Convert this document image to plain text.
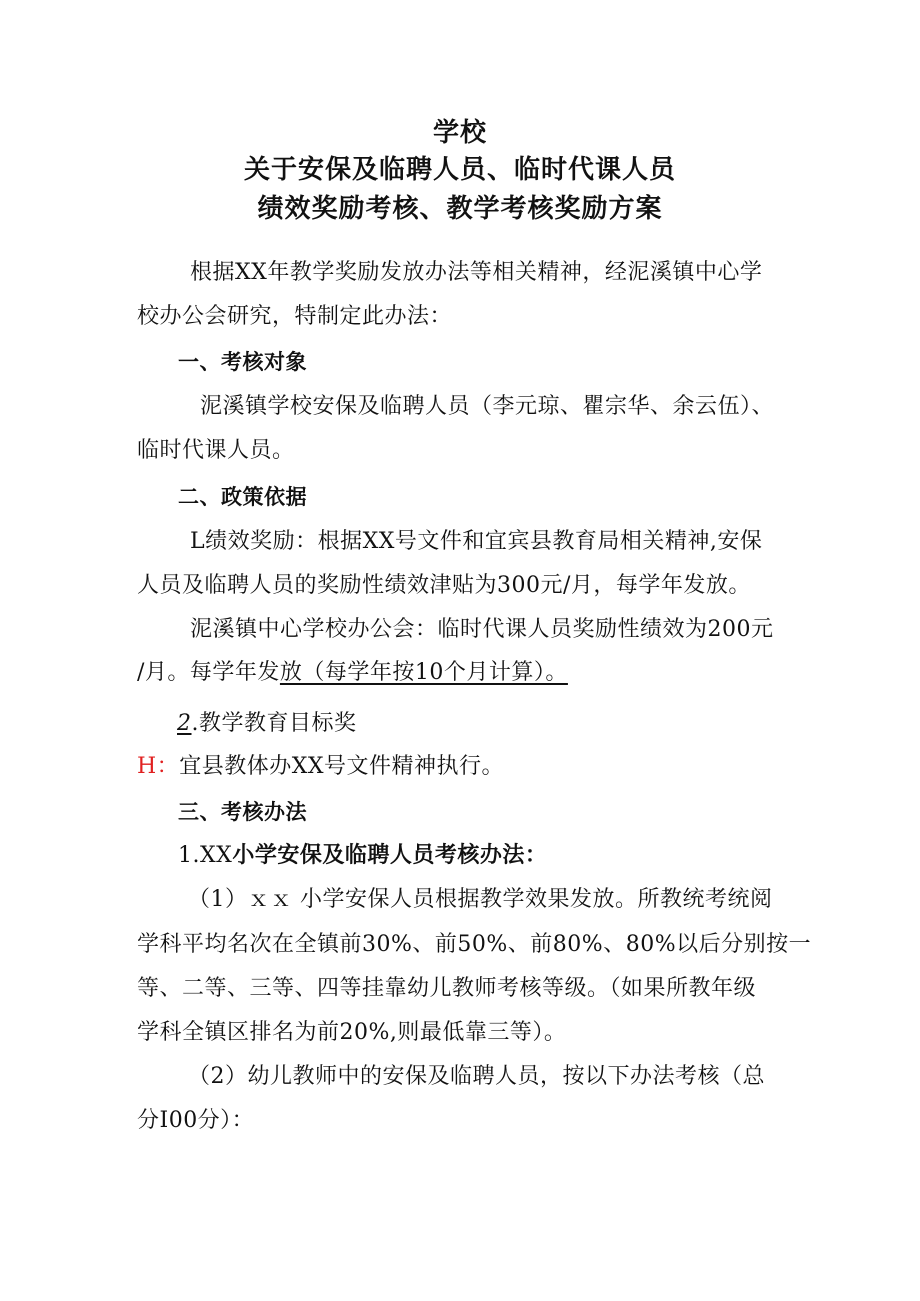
学校
关于安保及临聘人员、临时代课人员
绩效奖励考核、教学考核奖励方案
根据XX年教学奖励发放办法等相关精神，经泥溪镇中心学
校办公会研究，特制定此办法：
一、考核对象
泥溪镇学校安保及临聘人员（李元琼、瞿宗华、余云伍）、
临时代课人员。
二、政策依据
L绩效奖励：根据XX号文件和宜宾县教育局相关精神,安保
人员及临聘人员的奖励性绩效津贴为300元/月，每学年发放。
泥溪镇中心学校办公会：临时代课人员奖励性绩效为200元
/月。每学年发放（每学年按10个月计算）。
2.教学教育目标奖
H：宜县教体办XX号文件精神执行。
三、考核办法
1.XX小学安保及临聘人员考核办法：
（1）ｘｘ 小学安保人员根据教学效果发放。所教统考统阅
学科平均名次在全镇前30%、前50%、前80%、80%以后分别按一
等、二等、三等、四等挂靠幼儿教师考核等级。（如果所教年级
学科全镇区排名为前20%,则最低靠三等）。
（2）幼儿教师中的安保及临聘人员，按以下办法考核（总
分I00分）：
